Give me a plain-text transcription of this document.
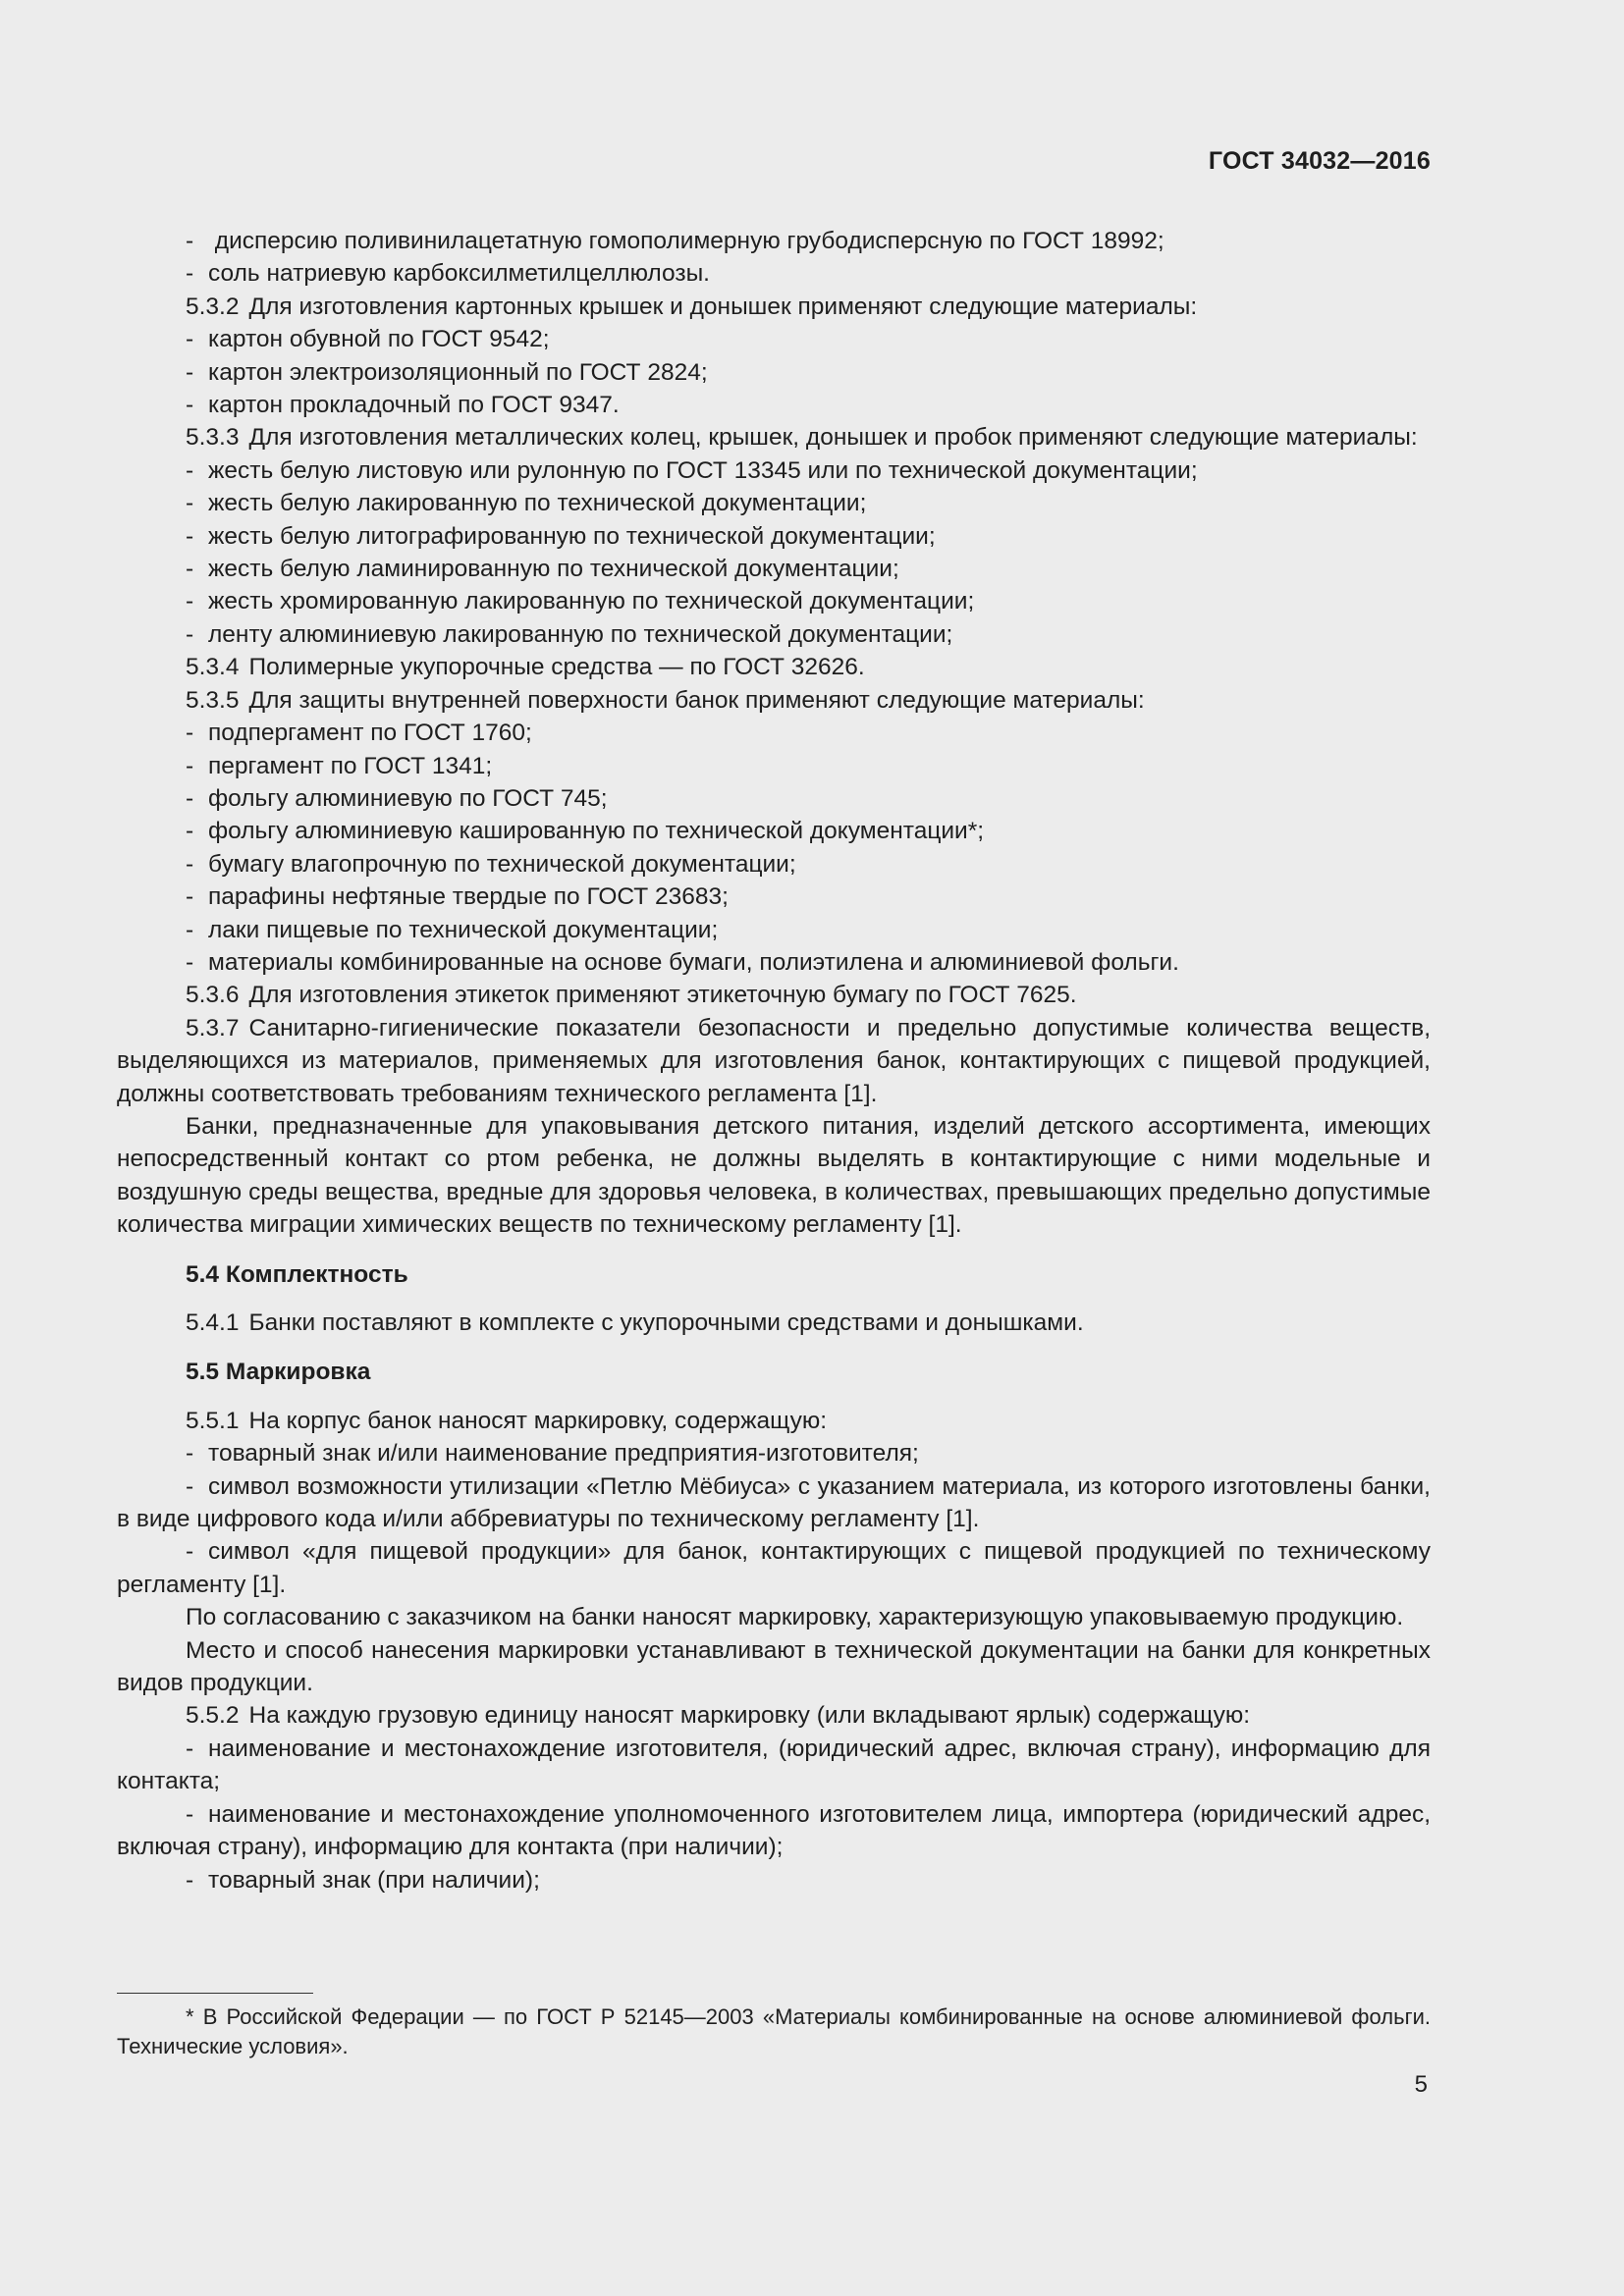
ГОСТ 34032—2016

- дисперсию поливинилацетатную гомополимерную грубодисперсную по ГОСТ 18992;

- соль натриевую карбоксилметилцеллюлозы.

5.3.2 Для изготовления картонных крышек и донышек применяют следующие материалы:

- картон обувной по ГОСТ 9542;

- картон электроизоляционный по ГОСТ 2824;

- картон прокладочный по ГОСТ 9347.

5.3.3 Для изготовления металлических колец, крышек, донышек и пробок применяют следующие материалы:

- жесть белую листовую или рулонную по ГОСТ 13345 или по технической документации;

- жесть белую лакированную по технической документации;

- жесть белую литографированную по технической документации;

- жесть белую ламинированную по технической документации;

- жесть хромированную лакированную по технической документации;

- ленту алюминиевую лакированную по технической документации;

5.3.4 Полимерные укупорочные средства — по ГОСТ 32626.

5.3.5 Для защиты внутренней поверхности банок применяют следующие материалы:

- подпергамент по ГОСТ 1760;

- пергамент по ГОСТ 1341;

- фольгу алюминиевую по ГОСТ 745;

- фольгу алюминиевую кашированную по технической документации*;

- бумагу влагопрочную по технической документации;

- парафины нефтяные твердые по ГОСТ 23683;

- лаки пищевые по технической документации;

- материалы комбинированные на основе бумаги, полиэтилена и алюминиевой фольги.

5.3.6 Для изготовления этикеток применяют этикеточную бумагу по ГОСТ 7625.

5.3.7 Санитарно-гигиенические показатели безопасности и предельно допустимые количества веществ, выделяющихся из материалов, применяемых для изготовления банок, контактирующих с пищевой продукцией, должны соответствовать требованиям технического регламента [1].

Банки, предназначенные для упаковывания детского питания, изделий детского ассортимента, имеющих непосредственный контакт со ртом ребенка, не должны выделять в контактирующие с ними модельные и воздушную среды вещества, вредные для здоровья человека, в количествах, превышающих предельно допустимые количества миграции химических веществ по техническому регламенту [1].

5.4 Комплектность

5.4.1 Банки поставляют в комплекте с укупорочными средствами и донышками.

5.5 Маркировка

5.5.1 На корпус банок наносят маркировку, содержащую:

- товарный знак и/или наименование предприятия-изготовителя;

- символ возможности утилизации «Петлю Мёбиуса» с указанием материала, из которого изготовлены банки, в виде цифрового кода и/или аббревиатуры по техническому регламенту [1].

- символ «для пищевой продукции» для банок, контактирующих с пищевой продукцией по техническому регламенту [1].

По согласованию с заказчиком на банки наносят маркировку, характеризующую упаковываемую продукцию.

Место и способ нанесения маркировки устанавливают в технической документации на банки для конкретных видов продукции.

5.5.2 На каждую грузовую единицу наносят маркировку (или вкладывают ярлык) содержащую:

- наименование и местонахождение изготовителя, (юридический адрес, включая страну), информацию для контакта;

- наименование и местонахождение уполномоченного изготовителем лица, импортера (юридический адрес, включая страну), информацию для контакта (при наличии);

- товарный знак (при наличии);

* В Российской Федерации — по ГОСТ Р 52145—2003 «Материалы комбинированные на основе алюминиевой фольги. Технические условия».

5
